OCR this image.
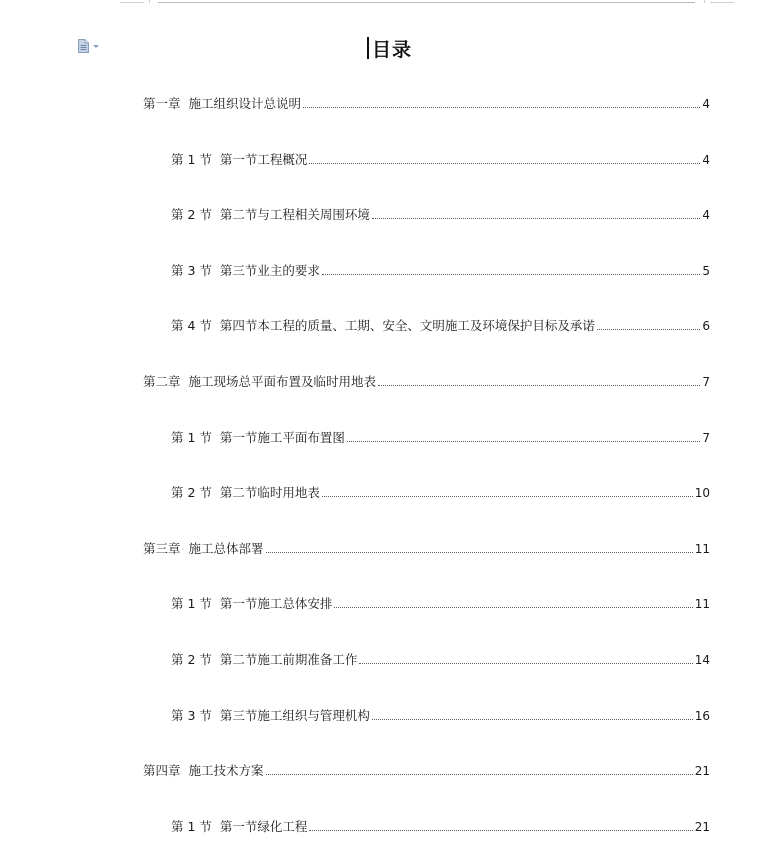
目录
第一章 施工组织设计总说明	4
第 1 节 第一节工程概况	4
第 2 节 第二节与工程相关周围环境	4
第 3 节 第三节业主的要求	5
第 4 节 第四节本工程的质量、工期、安全、文明施工及环境保护目标及承诺	6
第二章 施工现场总平面布置及临时用地表	7
第 1 节 第一节施工平面布置图	7
第 2 节 第二节临时用地表	10
第三章 施工总体部署	11
第 1 节 第一节施工总体安排	11
第 2 节 第二节施工前期准备工作	14
第 3 节 第三节施工组织与管理机构	16
第四章 施工技术方案	21
第 1 节 第一节绿化工程	21
